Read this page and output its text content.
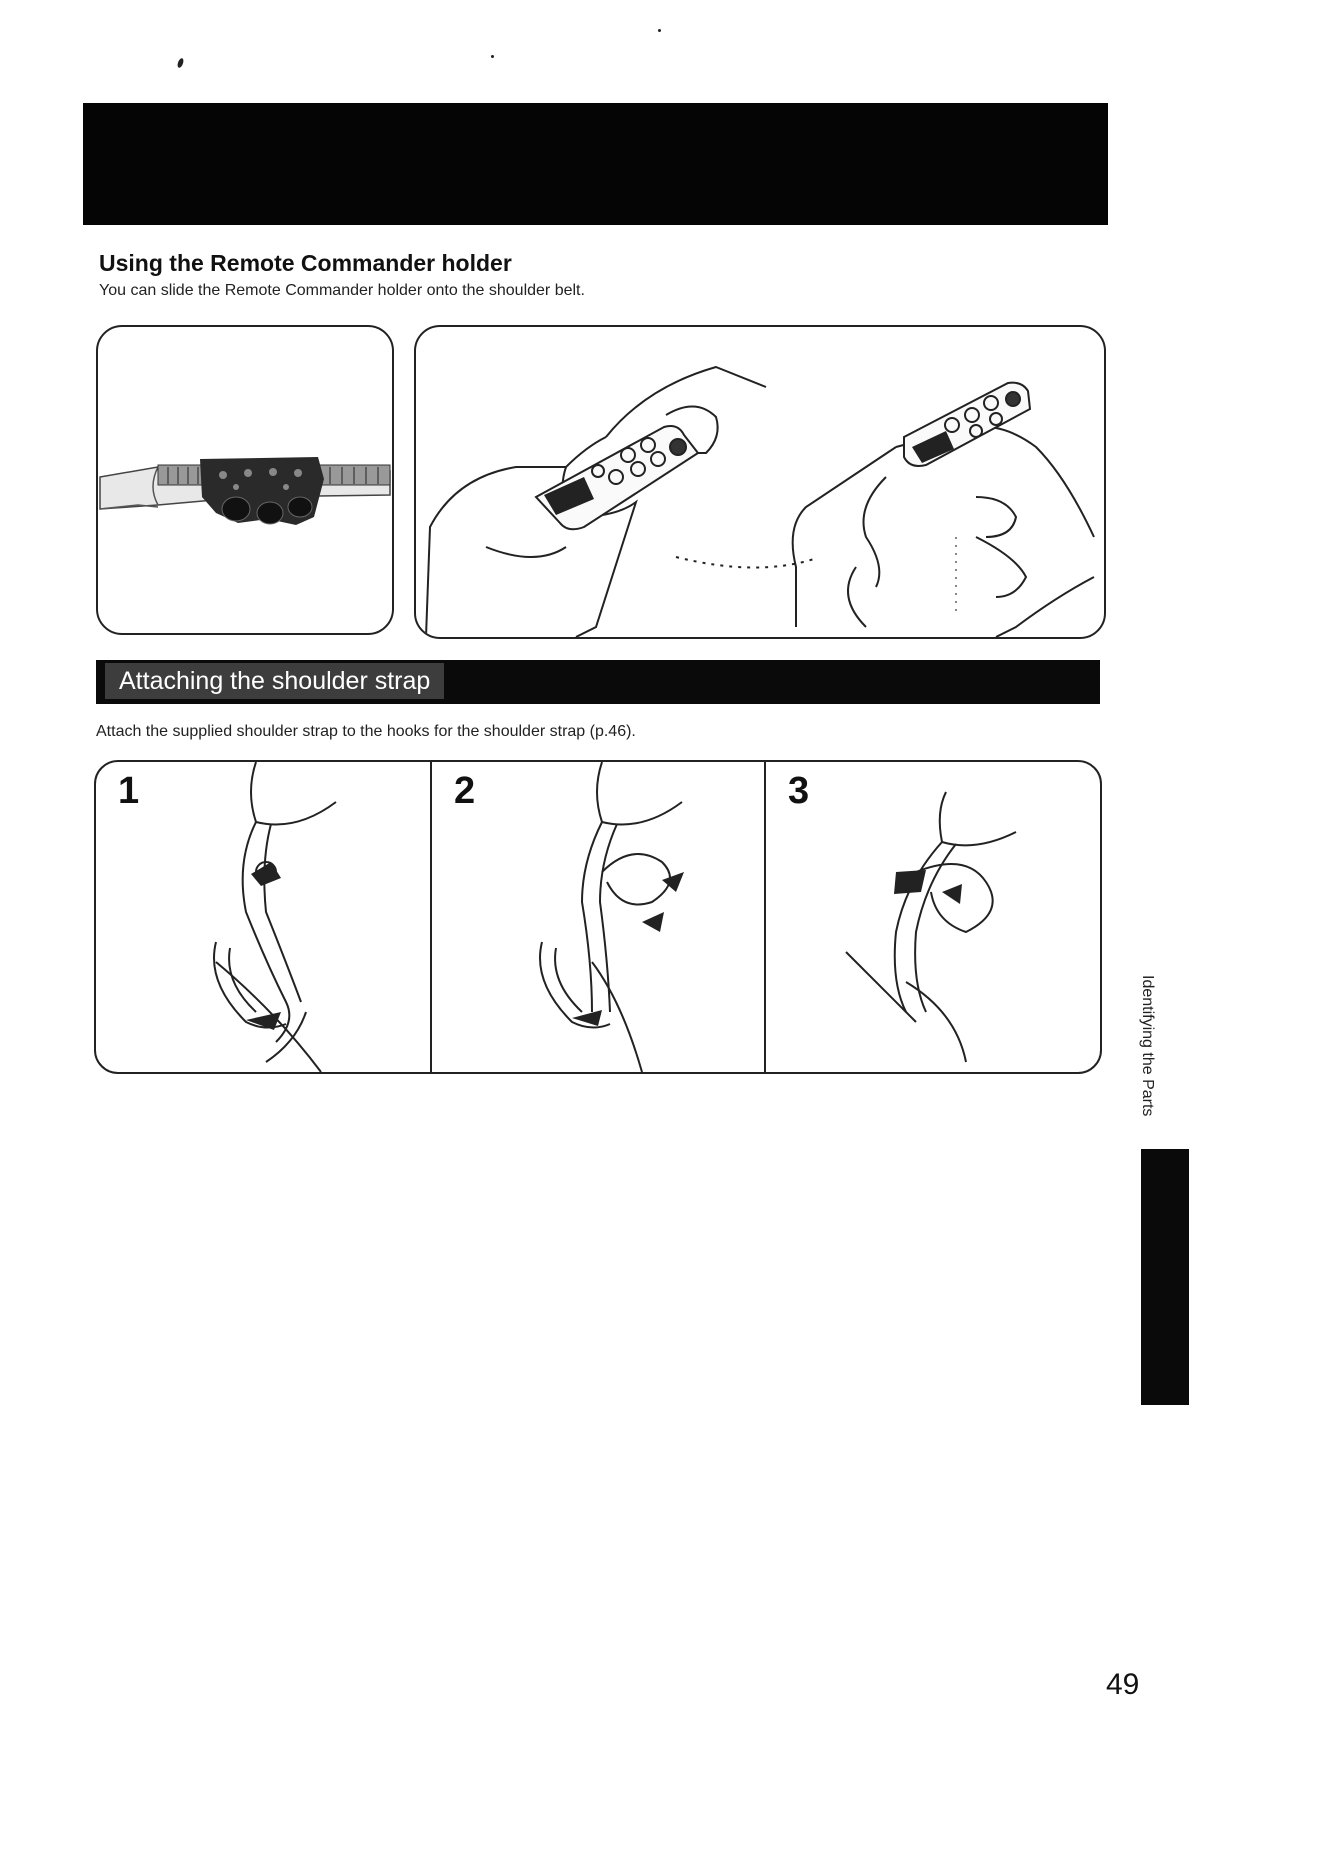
Using the Remote Commander holder
You can slide the Remote Commander holder onto the shoulder belt.
Attaching the shoulder strap
Attach the supplied shoulder strap to the hooks for the shoulder strap (p.46).
1	2	3
Identifying the Parts
49
